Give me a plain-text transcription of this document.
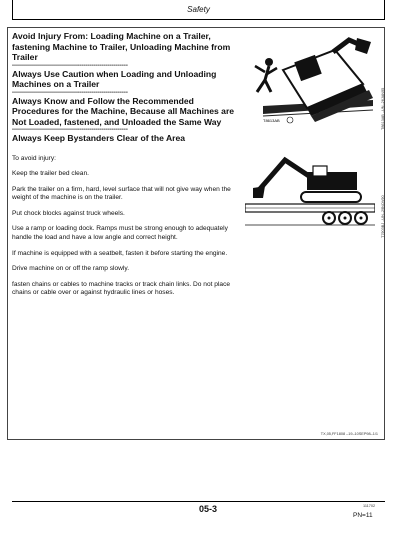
Safety
Avoid Injury From: Loading Machine on a Trailer, fastening Machine to Trailer, Unloading Machine from Trailer
----------------------------------------------------------
Always Use Caution when Loading and Unloading Machines on a Trailer
----------------------------------------------------------
Always Know and Follow the Recommended Procedures for the Machine, Because all Machines are Not Loaded, fastened, and Unloaded the Same Way
----------------------------------------------------------
Always Keep Bystanders Clear of the Area

To avoid injury:

Keep the trailer bed clean.

Park the trailer on a firm, hard, level surface that will not give way when the weight of the machine is on the trailer.

Put chock blocks against truck wheels.

Use a ramp or loading dock. Ramps must be strong enough to adequately handle the load and have a low angle and correct height.

If machine is equipped with a seatbelt, fasten it before starting the engine.

Drive machine on or off the ramp slowly.

fasten chains or cables to machine tracks or track chain links. Do not place chains or cable over or against hydraulic lines or hoses.

T8613AB	T8613AB –UN–26JAN95
T7903BJ –UN–29NOV90
TX,05,FF1808 –19–10SEP98–1/1
05-3	111702
PN=11
